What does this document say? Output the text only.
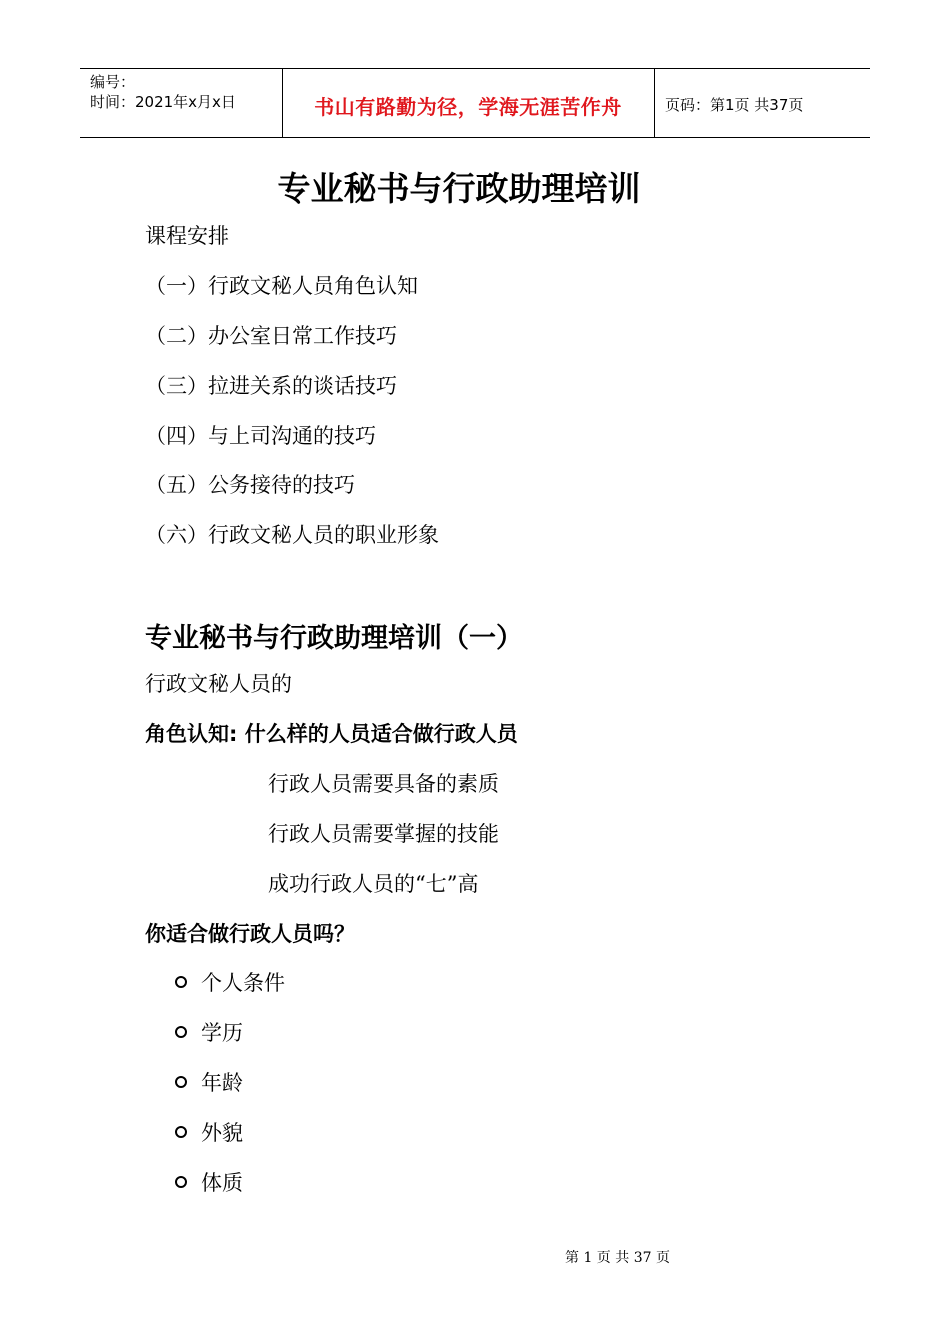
编号：
时间：2021年x月x日	书山有路勤为径，学海无涯苦作舟	页码：第1页 共37页
专业秘书与行政助理培训
课程安排
（一）行政文秘人员角色认知
（二）办公室日常工作技巧
（三）拉进关系的谈话技巧
（四）与上司沟通的技巧
（五）公务接待的技巧
（六）行政文秘人员的职业形象
专业秘书与行政助理培训（一）
行政文秘人员的
角色认知: 什么样的人员适合做行政人员
行政人员需要具备的素质
行政人员需要掌握的技能
成功行政人员的“七”高
你适合做行政人员吗？
个人条件
学历
年龄
外貌
体质
第 1 页 共 37 页
